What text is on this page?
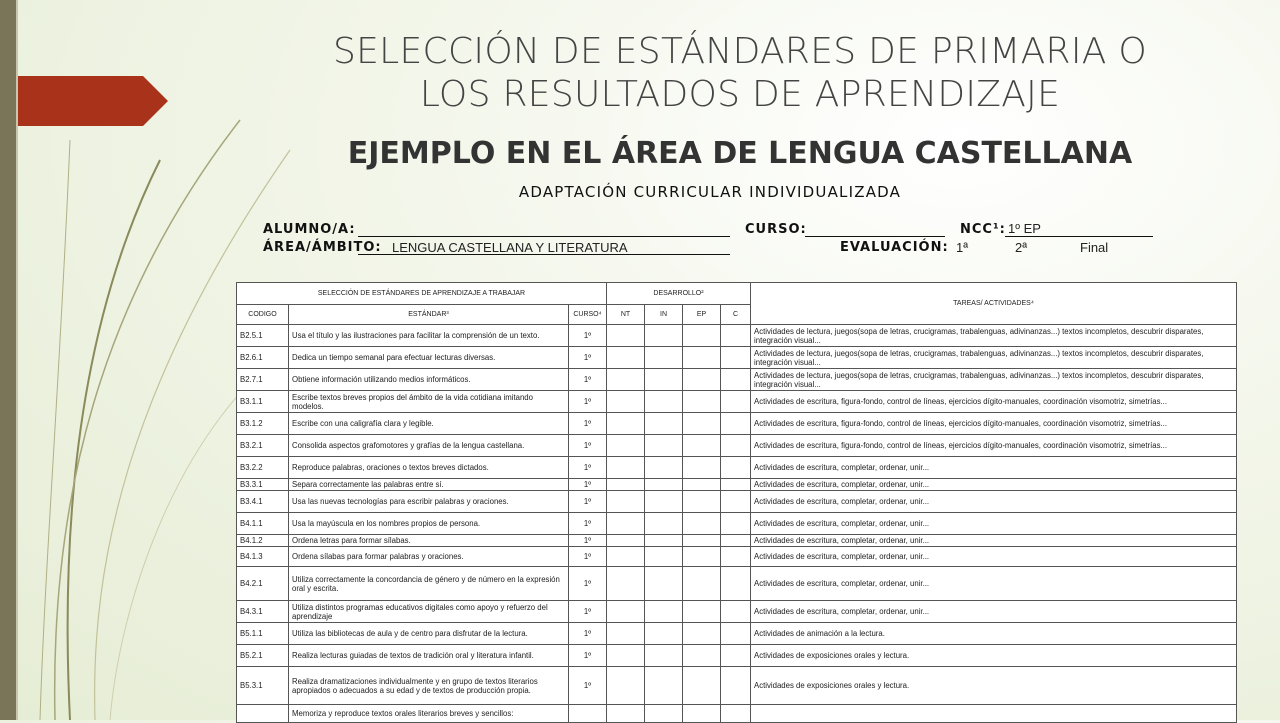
SELECCIÓN DE ESTÁNDARES DE PRIMARIA O
LOS RESULTADOS DE APRENDIZAJE
EJEMPLO EN EL ÁREA DE LENGUA CASTELLANA
ADAPTACIÓN CURRICULAR INDIVIDUALIZADA
ALUMNO/A:	CURSO:	NCC¹: 1º EP
ÁREA/ÁMBITO: LENGUA CASTELLANA Y LITERATURA	EVALUACIÓN: 1ª	2ª	Final
SELECCIÓN DE ESTÁNDARES DE APRENDIZAJE A TRABAJAR			DESARROLLO²				TAREAS/ ACTIVIDADES⁴
CODIGO	ESTÁNDAR³	CURSO⁴	NT	IN	EP	C	
B2.5.1	Usa el título y las ilustraciones para facilitar la comprensión de un texto.	1º					Actividades de lectura, juegos(sopa de letras, crucigramas, trabalenguas, adivinanzas...) textos incompletos, descubrir disparates, integración visual...
B2.6.1	Dedica un tiempo semanal para efectuar lecturas diversas.	1º					Actividades de lectura, juegos(sopa de letras, crucigramas, trabalenguas, adivinanzas...) textos incompletos, descubrir disparates, integración visual...
B2.7.1	Obtiene información utilizando medios informáticos.	1º					Actividades de lectura, juegos(sopa de letras, crucigramas, trabalenguas, adivinanzas...) textos incompletos, descubrir disparates, integración visual...
B3.1.1	Escribe textos breves propios del ámbito de la vida cotidiana imitando modelos.	1º					Actividades de escritura, figura-fondo, control de líneas, ejercicios dígito-manuales, coordinación visomotriz, simetrías...
B3.1.2	Escribe con una caligrafía clara y legible.	1º					Actividades de escritura, figura-fondo, control de líneas, ejercicios dígito-manuales, coordinación visomotriz, simetrías...
B3.2.1	Consolida aspectos grafomotores y grafías de la lengua castellana.	1º					Actividades de escritura, figura-fondo, control de líneas, ejercicios dígito-manuales, coordinación visomotriz, simetrías...
B3.2.2	Reproduce palabras, oraciones o textos breves dictados.	1º					Actividades de escritura, completar, ordenar, unir...
B3.3.1	Separa correctamente las palabras entre sí.	1º					Actividades de escritura, completar, ordenar, unir...
B3.4.1	Usa las nuevas tecnologías para escribir palabras y oraciones.	1º					Actividades de escritura, completar, ordenar, unir...
B4.1.1	Usa la mayúscula en los nombres propios de persona.	1º					Actividades de escritura, completar, ordenar, unir...
B4.1.2	Ordena letras para formar sílabas.	1º					Actividades de escritura, completar, ordenar, unir...
B4.1.3	Ordena sílabas para formar palabras y oraciones.	1º					Actividades de escritura, completar, ordenar, unir...
B4.2.1	Utiliza correctamente la concordancia de género y de número en la expresión oral y escrita.	1º					Actividades de escritura, completar, ordenar, unir...
B4.3.1	Utiliza distintos programas educativos digitales como apoyo y refuerzo del aprendizaje	1º					Actividades de escritura, completar, ordenar, unir...
B5.1.1	Utiliza las bibliotecas de aula y de centro para disfrutar de la lectura.	1º					Actividades de animación a la lectura.
B5.2.1	Realiza lecturas guiadas de textos de tradición oral y literatura infantil.	1º					Actividades de exposiciones orales y lectura.
B5.3.1	Realiza dramatizaciones individualmente y en grupo de textos literarios apropiados o adecuados a su edad y de textos de producción propia.	1º					Actividades de exposiciones orales y lectura.
	Memoriza y reproduce textos orales literarios breves y sencillos:						
